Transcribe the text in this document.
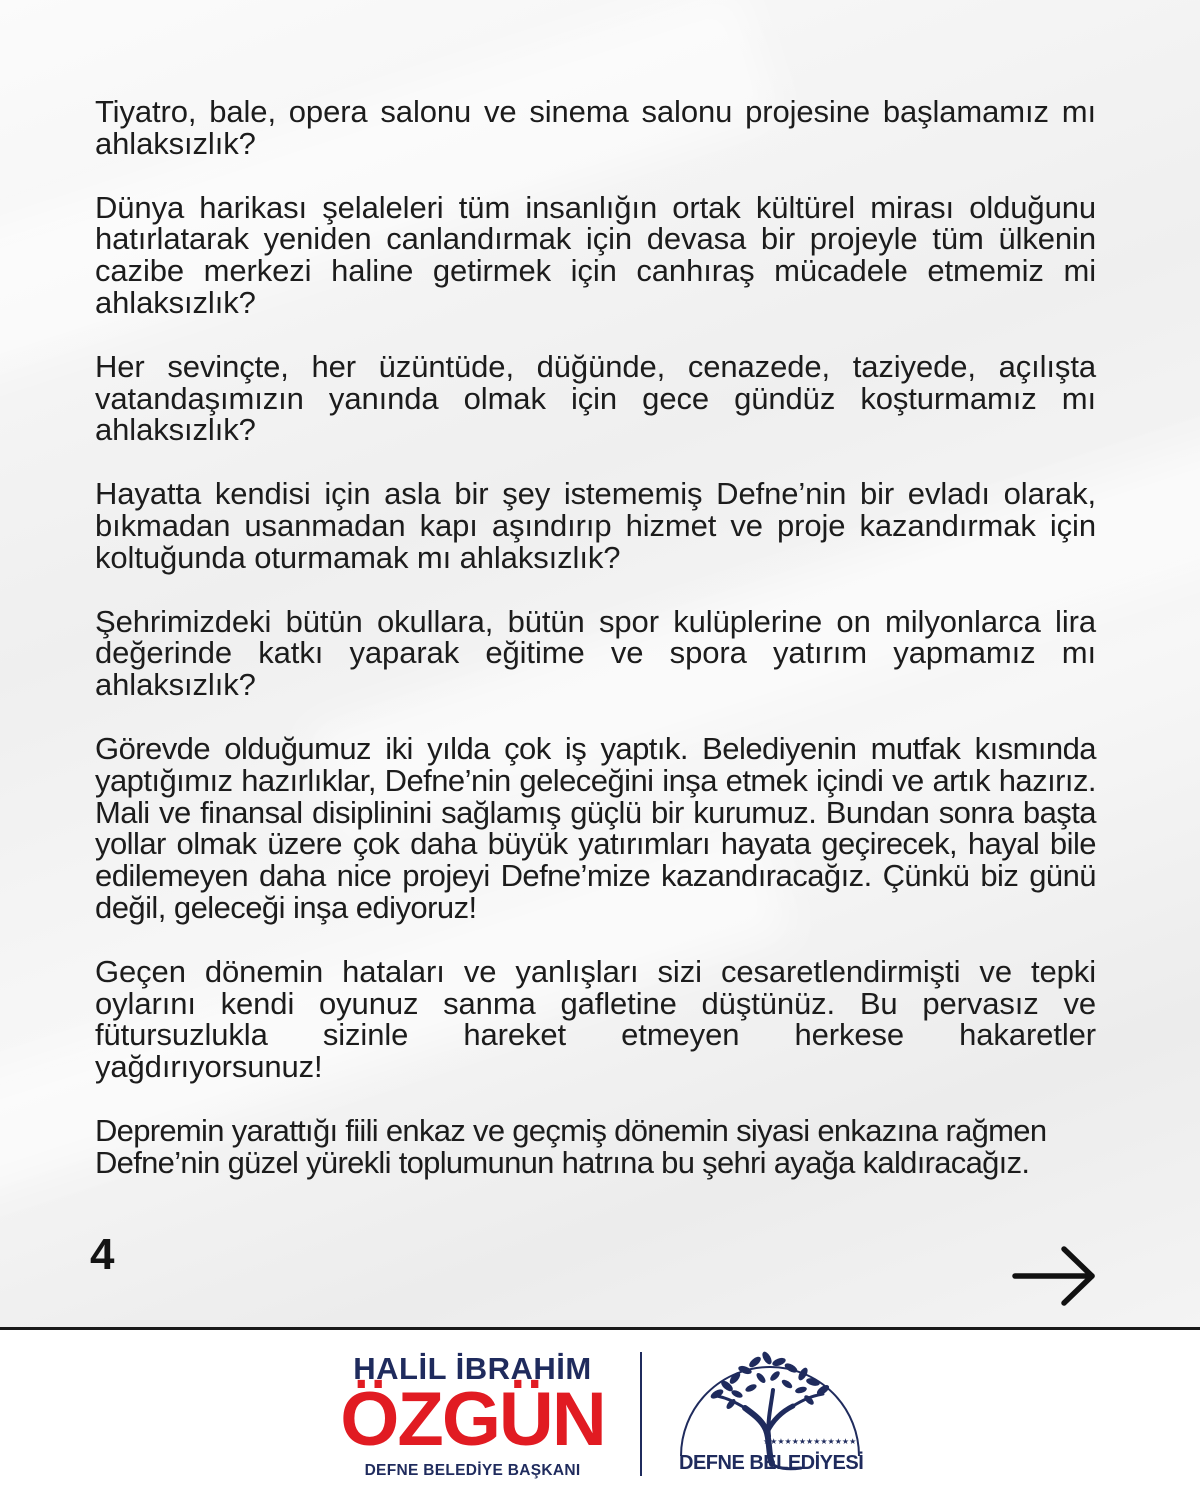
Tiyatro, bale, opera salonu ve sinema salonu projesine başlamamız mı ahlaksızlık?

Dünya harikası şelaleleri tüm insanlığın ortak kültürel mirası olduğunu hatırlatarak yeniden canlandırmak için devasa bir projeyle tüm ülkenin cazibe merkezi haline getirmek için canhıraş mücadele etmemiz mi ahlaksızlık?

Her sevinçte, her üzüntüde, düğünde, cenazede, taziyede, açılışta vatandaşımızın yanında olmak için gece gündüz koşturmamız mı ahlaksızlık?

Hayatta kendisi için asla bir şey istememiş Defne’nin bir evladı olarak, bıkmadan usanmadan kapı aşındırıp hizmet ve proje kazandırmak için koltuğunda oturmamak mı ahlaksızlık?

Şehrimizdeki bütün okullara, bütün spor kulüplerine on milyonlarca lira değerinde katkı yaparak eğitime ve spora yatırım yapmamız mı ahlaksızlık?

Görevde olduğumuz iki yılda çok iş yaptık. Belediyenin mutfak kısmında yaptığımız hazırlıklar, Defne’nin geleceğini inşa etmek içindi ve artık hazırız. Mali ve finansal disiplinini sağlamış güçlü bir kurumuz. Bundan sonra başta yollar olmak üzere çok daha büyük yatırımları hayata geçirecek, hayal bile edilemeyen daha nice projeyi Defne’mize kazandıracağız. Çünkü biz günü değil, geleceği inşa ediyoruz!

Geçen dönemin hataları ve yanlışları sizi cesaretlendirmişti ve tepki oylarını kendi oyunuz sanma gafletine düştünüz. Bu pervasız ve fütursuzlukla sizinle hareket etmeyen herkese hakaretler yağdırıyorsunuz!

Depremin yarattığı fiili enkaz ve geçmiş dönemin siyasi enkazına rağmen Defne’nin güzel yürekli toplumunun hatrına bu şehri ayağa kaldıracağız.

4
HALİL İBRAHİM
ÖZGÜN
DEFNE BELEDİYE BAŞKANI
★★★★★★★★★★★★★
DEFNE BELEDİYESİ
